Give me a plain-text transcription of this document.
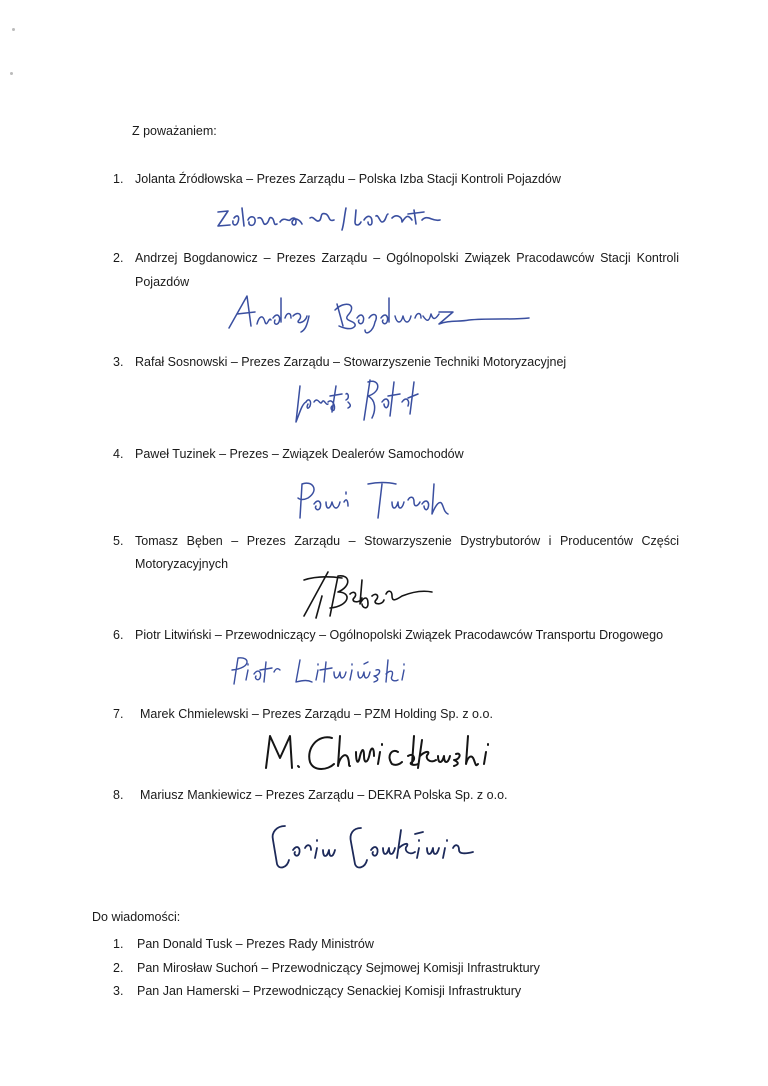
Z poważaniem:
1. Jolanta Źródłowska – Prezes Zarządu – Polska Izba Stacji Kontroli Pojazdów
2. Andrzej Bogdanowicz – Prezes Zarządu – Ogólnopolski Związek Pracodawców Stacji Kontroli
Pojazdów
3. Rafał Sosnowski – Prezes Zarządu – Stowarzyszenie Techniki Motoryzacyjnej
4. Paweł Tuzinek – Prezes – Związek Dealerów Samochodów
5. Tomasz Bęben – Prezes Zarządu – Stowarzyszenie Dystrybutorów i Producentów Części
Motoryzacyjnych
6. Piotr Litwiński – Przewodniczący – Ogólnopolski Związek Pracodawców Transportu Drogowego
7.	Marek Chmielewski – Prezes Zarządu – PZM Holding Sp. z o.o.
8.	Mariusz Mankiewicz – Prezes Zarządu – DEKRA Polska Sp. z o.o.
Do wiadomości:
1.	Pan Donald Tusk – Prezes Rady Ministrów
2.	Pan Mirosław Suchoń – Przewodniczący Sejmowej Komisji Infrastruktury
3.	Pan Jan Hamerski – Przewodniczący Senackiej Komisji Infrastruktury
